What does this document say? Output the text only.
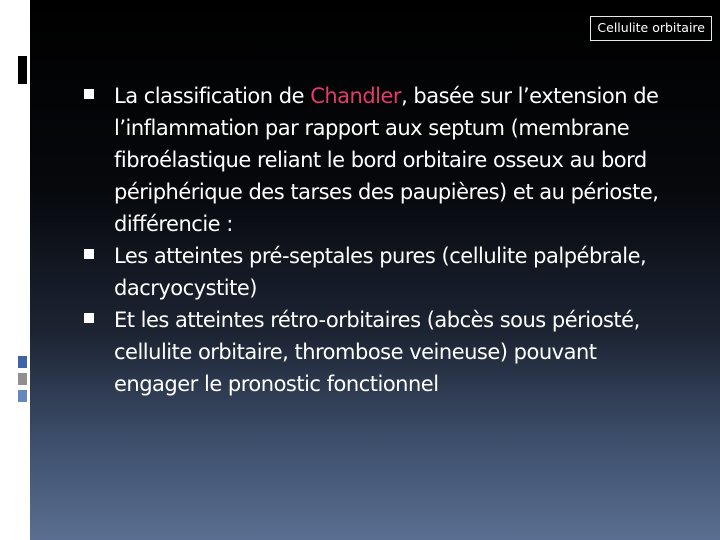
Cellulite orbitaire

La classification de Chandler, basée sur l’extension de l’inflammation par rapport aux septum (membrane fibroélastique reliant le bord orbitaire osseux au bord périphérique des tarses des paupières) et au périoste, différencie :

Les atteintes pré-septales pures (cellulite palpébrale, dacryocystite)

Et les atteintes rétro-orbitaires (abcès sous périosté, cellulite orbitaire, thrombose veineuse) pouvant engager le pronostic fonctionnel
